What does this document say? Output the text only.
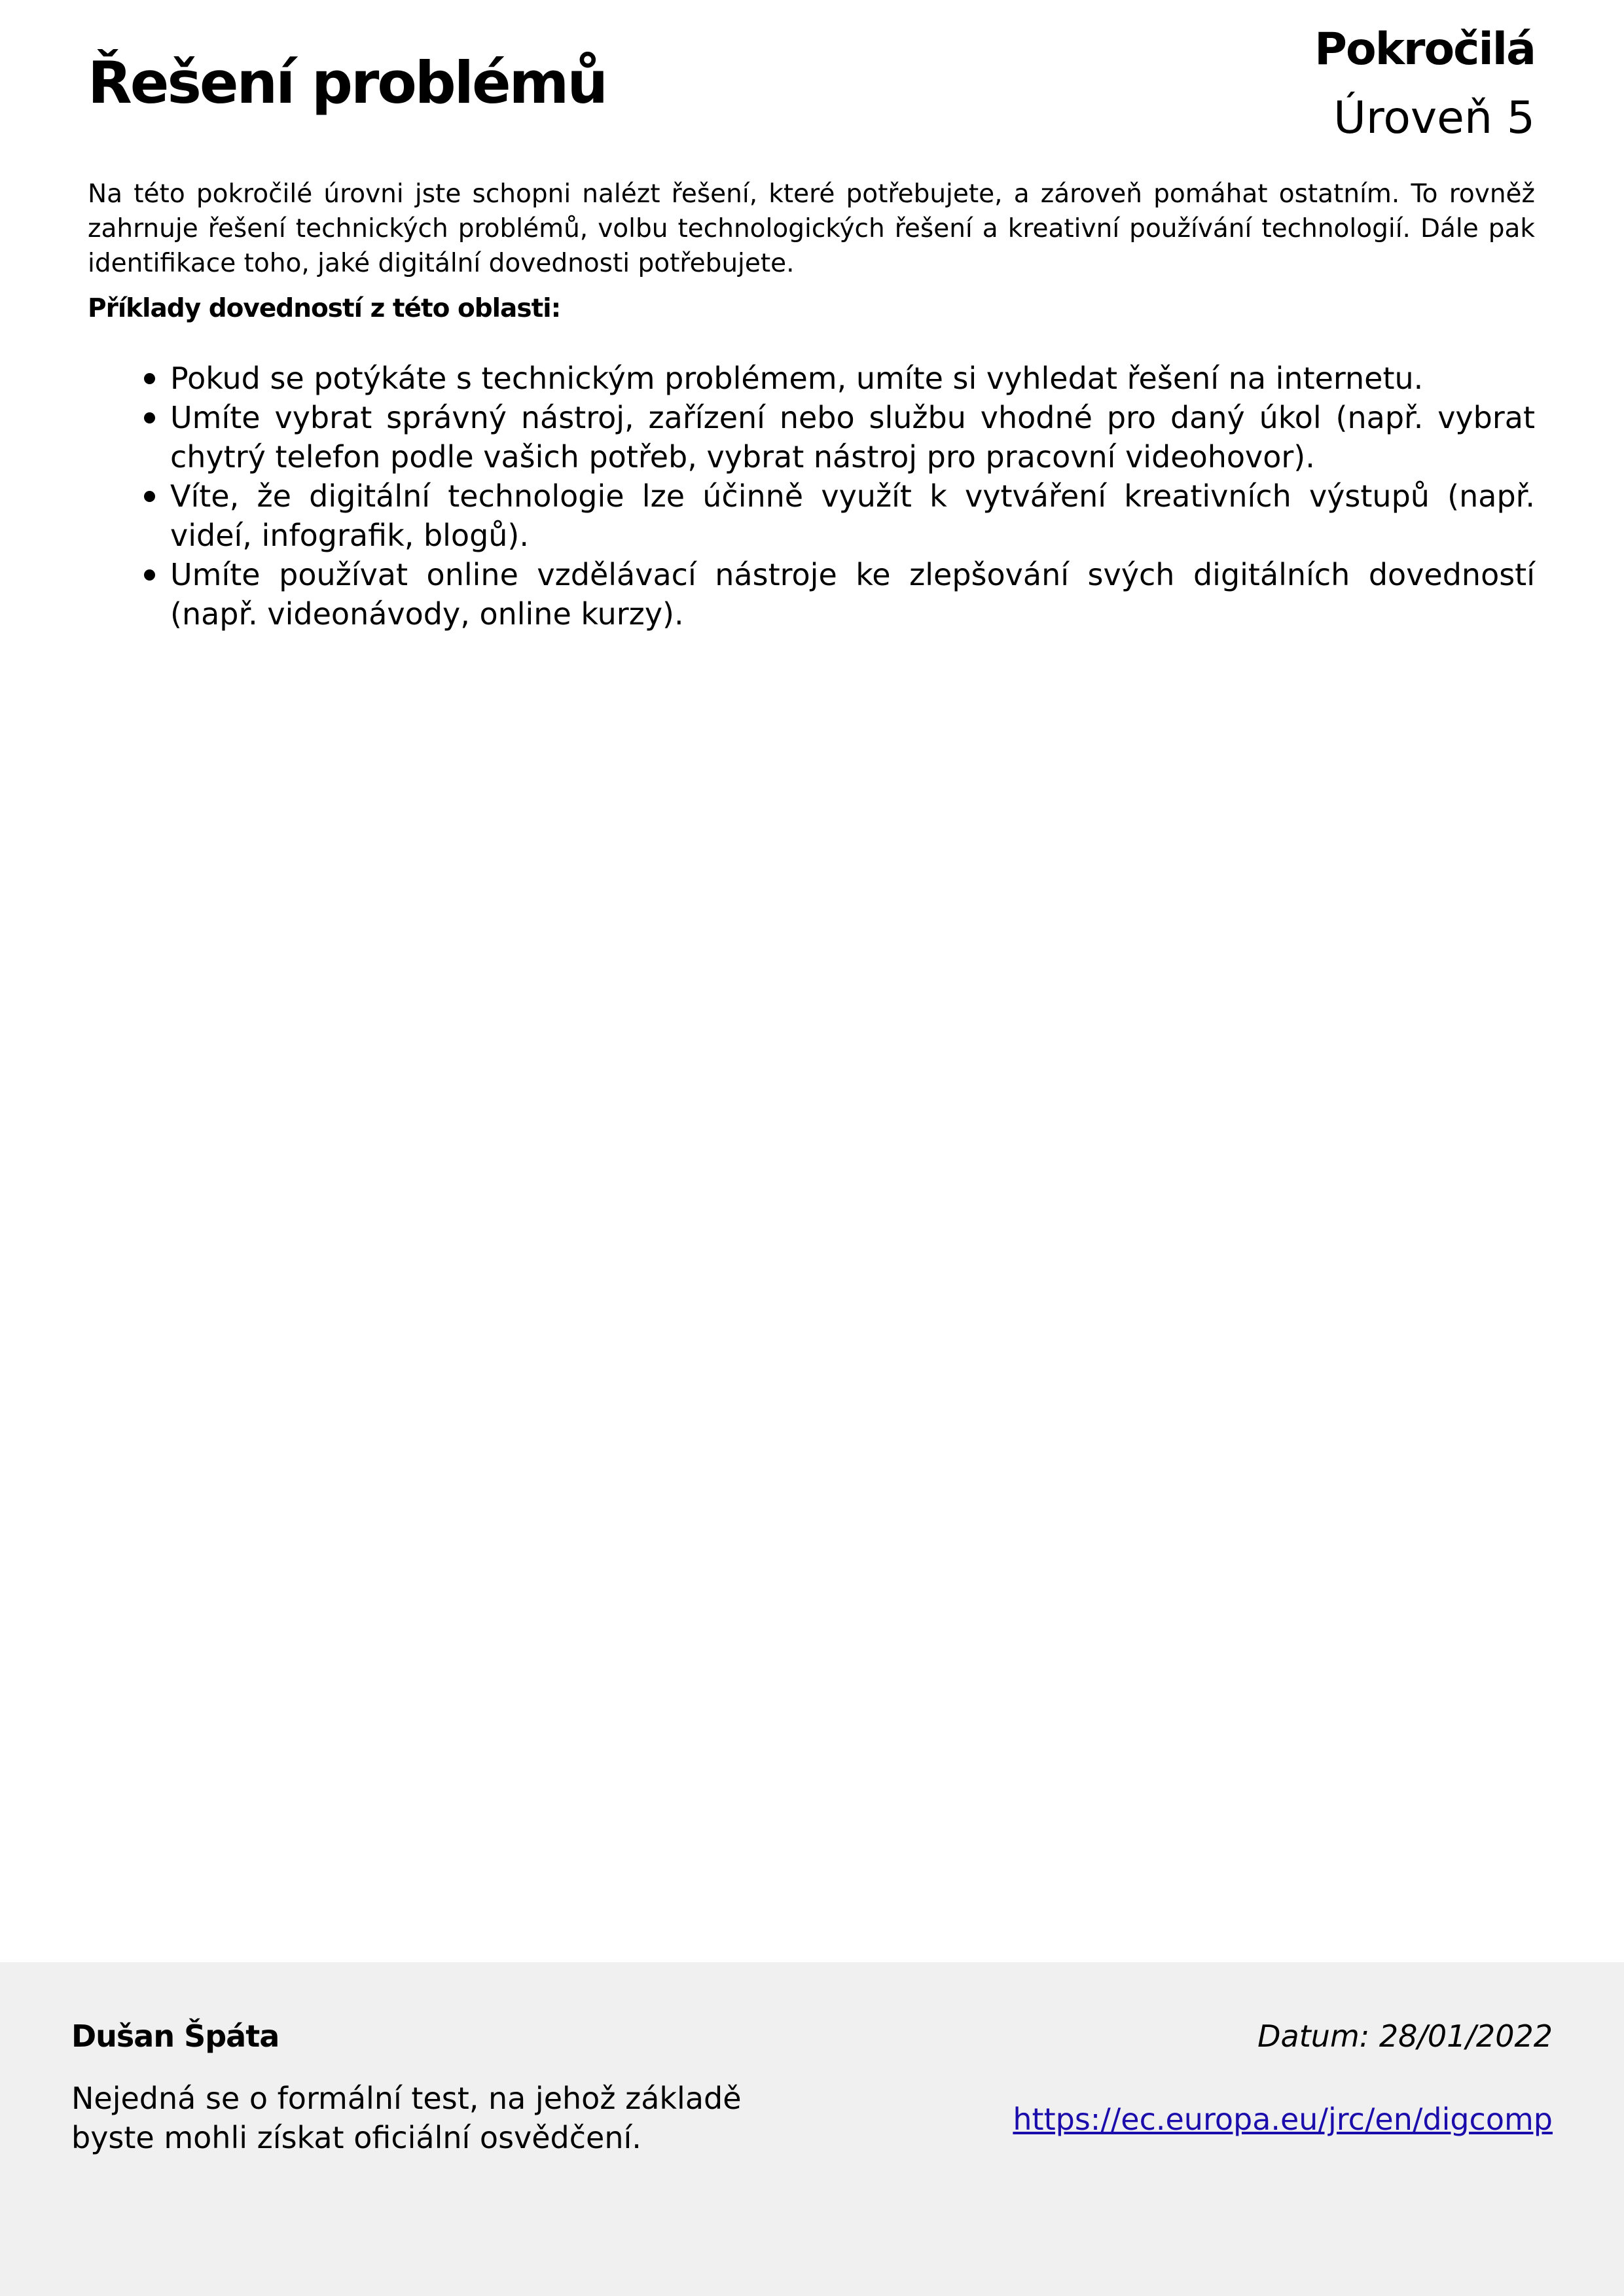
Řešení problémů	Pokročilá
Úroveň 5

Na této pokročilé úrovni jste schopni nalézt řešení, které potřebujete, a zároveň pomáhat ostatním. To rovněž zahrnuje řešení technických problémů, volbu technologických řešení a kreativní používání technologií. Dále pak identifikace toho, jaké digitální dovednosti potřebujete.

Příklady dovedností z této oblasti:

Pokud se potýkáte s technickým problémem, umíte si vyhledat řešení na internetu.
Umíte vybrat správný nástroj, zařízení nebo službu vhodné pro daný úkol (např. vybrat chytrý telefon podle vašich potřeb, vybrat nástroj pro pracovní videohovor).
Víte, že digitální technologie lze účinně využít k vytváření kreativních výstupů (např. videí, infografik, blogů).
Umíte používat online vzdělávací nástroje ke zlepšování svých digitálních dovedností (např. videonávody, online kurzy).
Dušan Špáta
Nejedná se o formální test, na jehož základě byste mohli získat oficiální osvědčení.
Datum: 28/01/2022
https://ec.europa.eu/jrc/en/digcomp
